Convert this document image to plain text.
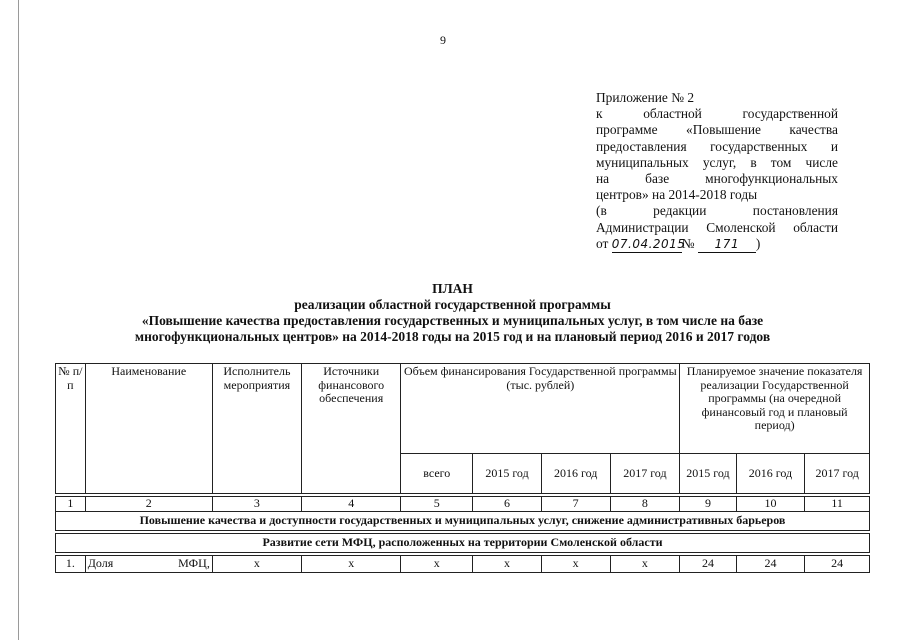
9
Приложение № 2
к областной государственной
программе «Повышение качества
предоставления государственных и
муниципальных услуг, в том числе
на базе многофункциональных
центров» на 2014-2018 годы
(в редакции постановления
Администрации Смоленской области
от 07.04.2015№ 171 )
ПЛАН
реализации областной государственной программы
«Повышение качества предоставления государственных и муниципальных услуг, в том числе на базе
многофункциональных центров» на 2014-2018 годы на 2015 год и на плановый период 2016 и 2017 годов
№ п/п	Наименование	Исполнитель мероприятия	Источники финансового обеспечения	Объем финансирования Государственной программы (тыс. рублей)				Планируемое значение показателя реализации Государственной программы (на очередной финансовый год и плановый период)		
				всего	2015 год	2016 год	2017 год	2015 год	2016 год	2017 год

1	2	3	4	5	6	7	8	9	10	11
Повышение качества и доступности государственных и муниципальных услуг, снижение административных барьеров										

Развитие сети МФЦ, расположенных на территории Смоленской области										

1.	Доля МФЦ,	х	х	х	х	х	х	24	24	24
